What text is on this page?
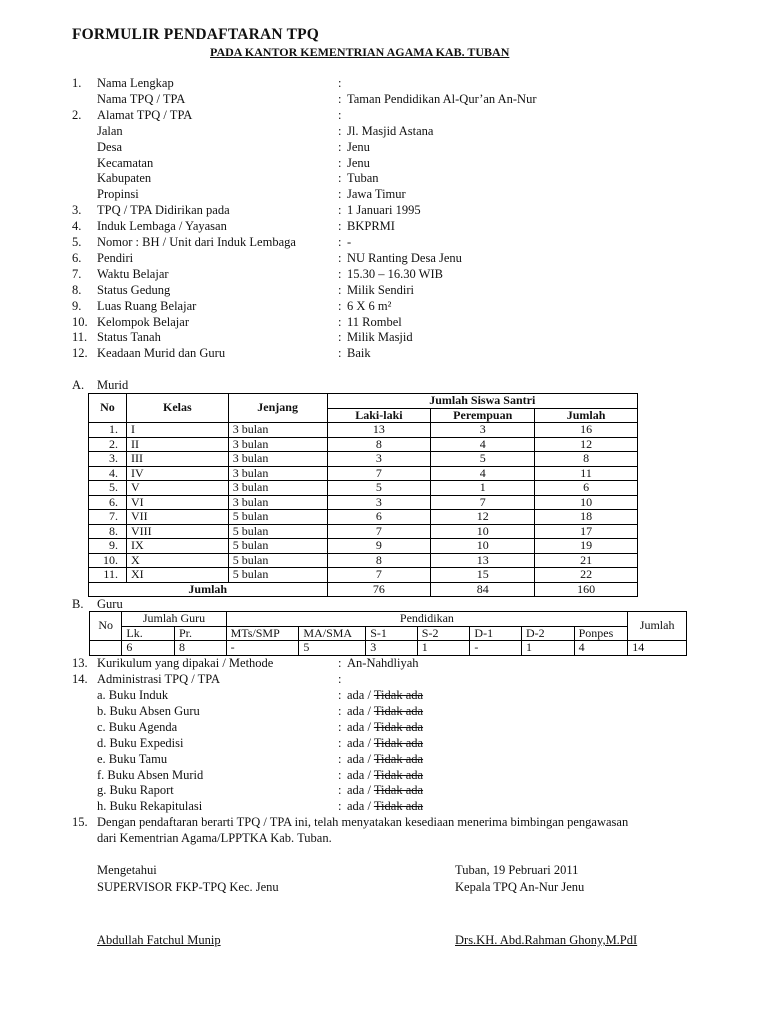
FORMULIR PENDAFTARAN TPQ
PADA KANTOR KEMENTRIAN AGAMA KAB. TUBAN
1. Nama Lengkap	:
Nama TPQ / TPA	: Taman Pendidikan Al-Qur’an An-Nur
2. Alamat TPQ / TPA	:
Jalan	: Jl. Masjid Astana
Desa	: Jenu
Kecamatan	: Jenu
Kabupaten	: Tuban
Propinsi	: Jawa Timur
3. TPQ / TPA Didirikan pada	: 1 Januari 1995
4. Induk Lembaga / Yayasan	: BKPRMI
5. Nomor : BH / Unit dari Induk Lembaga	: -
6. Pendiri	: NU Ranting Desa Jenu
7. Waktu Belajar	: 15.30 – 16.30 WIB
8. Status Gedung	: Milik Sendiri
9. Luas Ruang Belajar	: 6 X 6 m²
10. Kelompok Belajar	: 11 Rombel
11. Status Tanah	: Milik Masjid
12. Keadaan Murid dan Guru	: Baik
A. Murid
No	Kelas	Jenjang	Jumlah Siswa Santri		
			Laki-laki	Perempuan	Jumlah
1.	I	3 bulan	13	3	16
2.	II	3 bulan	8	4	12
3.	III	3 bulan	3	5	8
4.	IV	3 bulan	7	4	11
5.	V	3 bulan	5	1	6
6.	VI	3 bulan	3	7	10
7.	VII	5 bulan	6	12	18
8.	VIII	5 bulan	7	10	17
9.	IX	5 bulan	9	10	19
10.	X	5 bulan	8	13	21
11.	XI	5 bulan	7	15	22
Jumlah			76	84	160
B. Guru
No	Jumlah Guru		Pendidikan							Jumlah
	Lk.	Pr.	MTs/SMP	MA/SMA	S-1	S-2	D-1	D-2	Ponpes	
	6	8	-	5	3	1	-	1	4	14
13. Kurikulum yang dipakai / Methode	: An-Nahdliyah
14. Administrasi TPQ / TPA	:
a. Buku Induk	: ada / Tidak ada
b. Buku Absen Guru	: ada / Tidak ada
c. Buku Agenda	: ada / Tidak ada
d. Buku Expedisi	: ada / Tidak ada
e. Buku Tamu	: ada / Tidak ada
f. Buku Absen Murid	: ada / Tidak ada
g. Buku Raport	: ada / Tidak ada
h. Buku Rekapitulasi	: ada / Tidak ada
15. Dengan pendaftaran berarti TPQ / TPA ini, telah menyatakan kesediaan menerima bimbingan pengawasan
dari Kementrian Agama/LPPTKA Kab. Tuban.
Mengetahui
SUPERVISOR FKP-TPQ Kec. Jenu
Abdullah Fatchul Munip
Tuban, 19 Pebruari 2011
Kepala TPQ An-Nur Jenu
Drs.KH. Abd.Rahman Ghony,M.PdI
